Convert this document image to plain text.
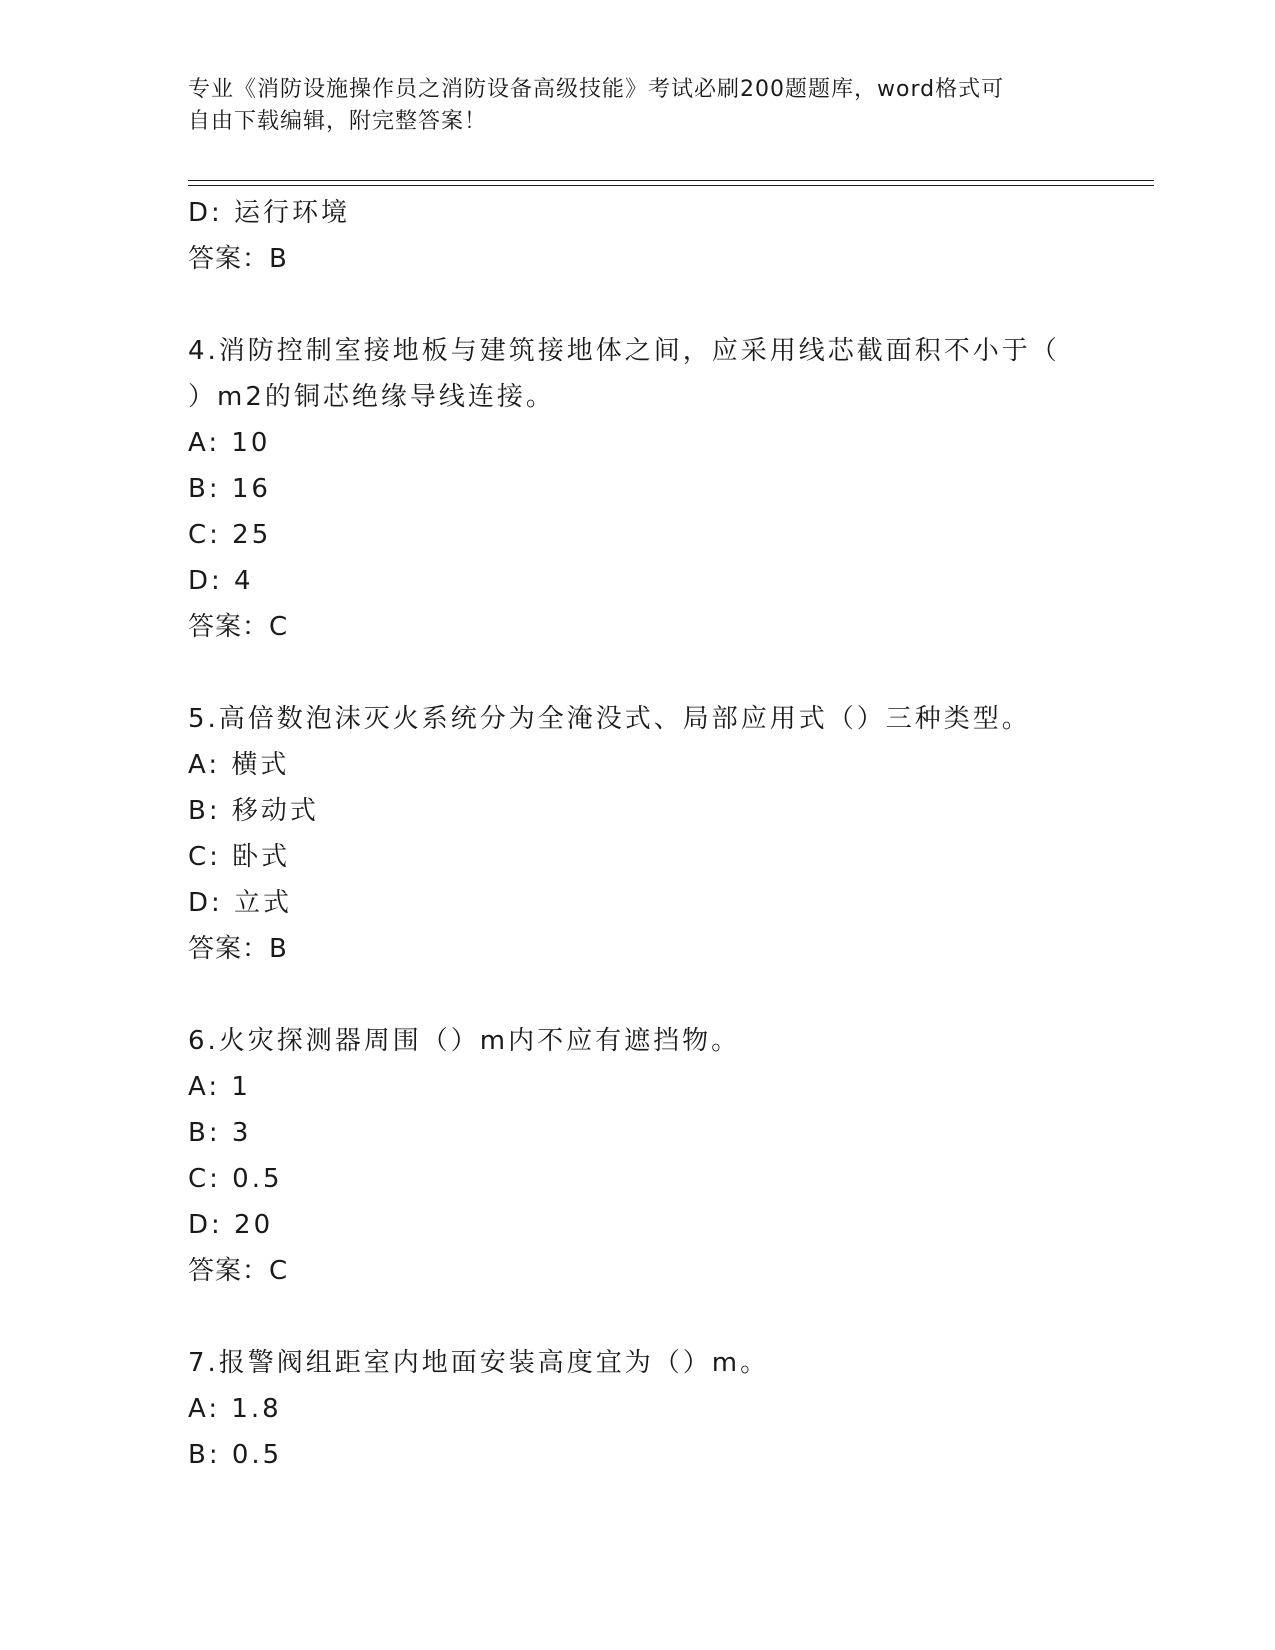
专业《消防设施操作员之消防设备高级技能》考试必刷200题题库，word格式可
自由下载编辑，附完整答案！
D: 运行环境
答案：B
4.消防控制室接地板与建筑接地体之间，应采用线芯截面积不小于（
）m2的铜芯绝缘导线连接。
A: 10
B: 16
C: 25
D: 4
答案：C
5.高倍数泡沫灭火系统分为全淹没式、局部应用式（）三种类型。
A: 横式
B: 移动式
C: 卧式
D: 立式
答案：B
6.火灾探测器周围（）m内不应有遮挡物。
A: 1
B: 3
C: 0.5
D: 20
答案：C
7.报警阀组距室内地面安装高度宜为（）m。
A: 1.8
B: 0.5
